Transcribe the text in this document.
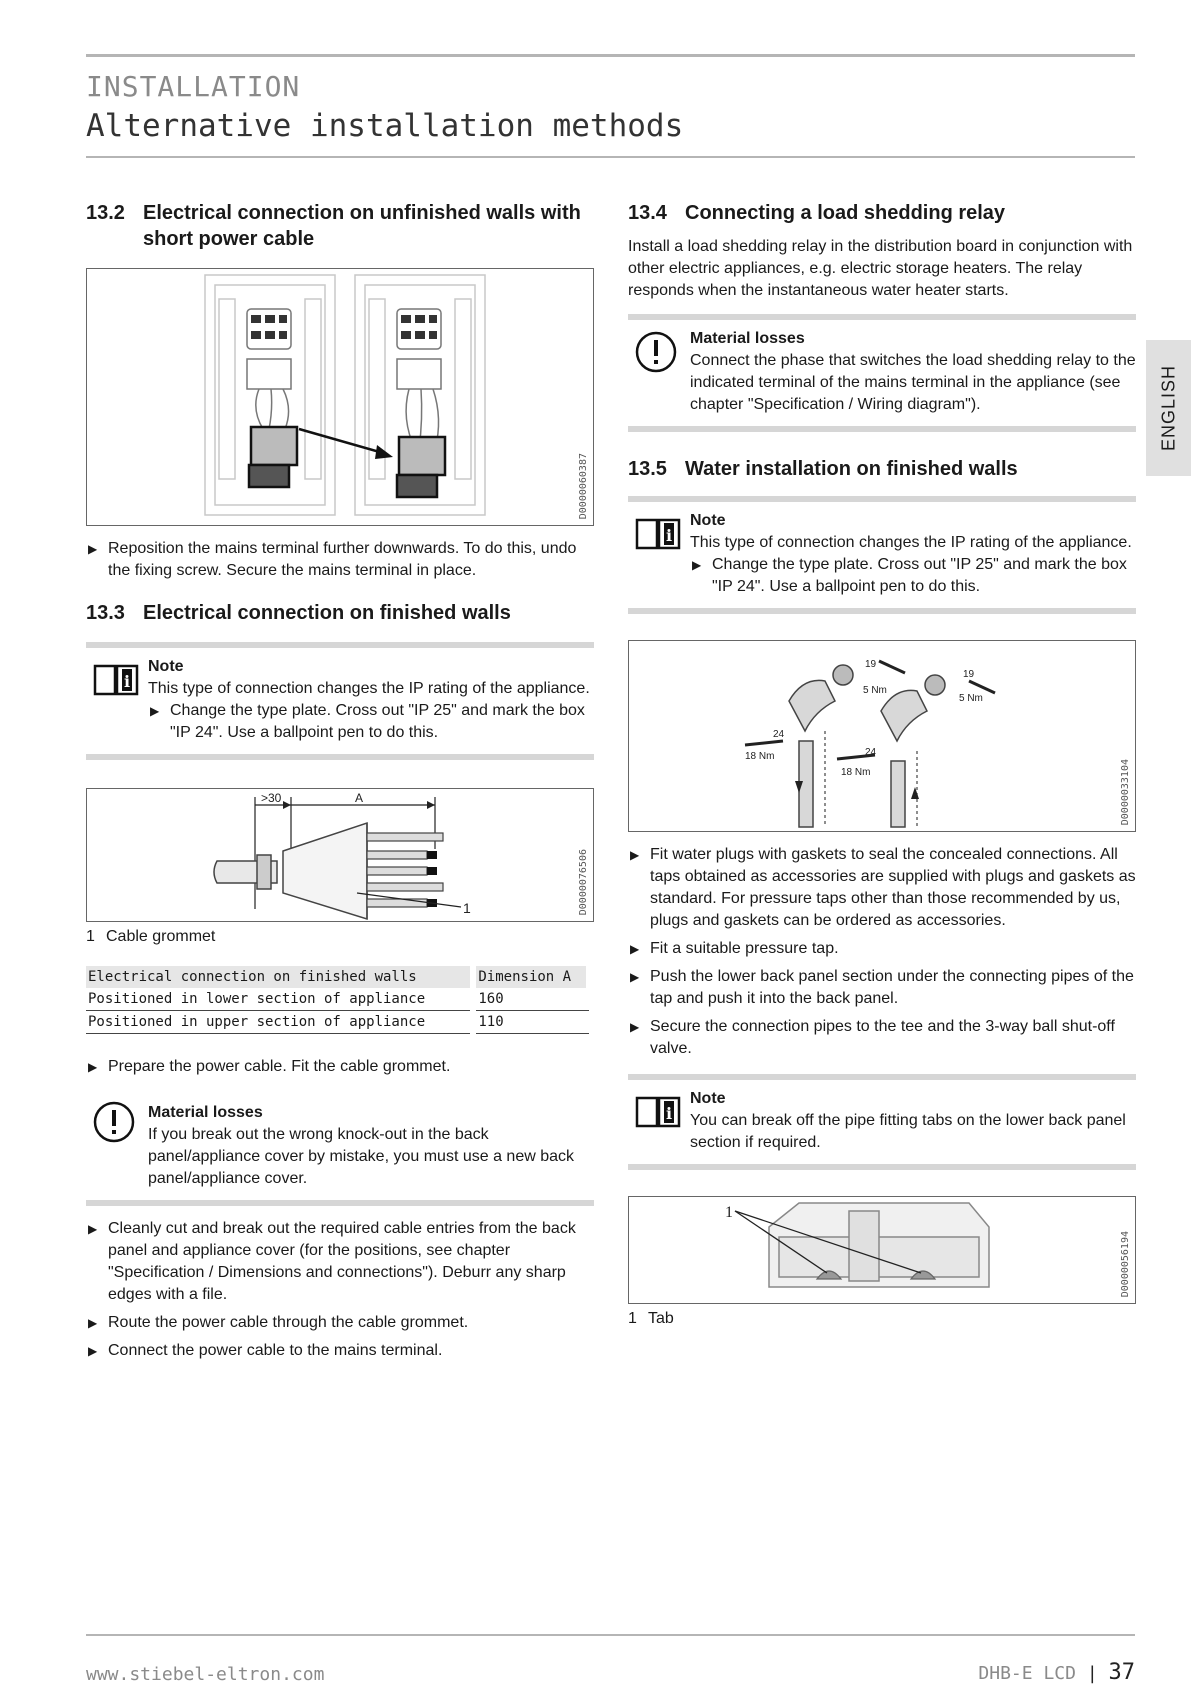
INSTALLATION
Alternative installation methods
ENGLISH
13.2 Electrical connection on unfinished walls with short power cable
D0000060387
▶ Reposition the mains terminal further downwards. To do this, undo the fixing screw. Secure the mains terminal in place.
13.3 Electrical connection on finished walls
i
Note

This type of connection changes the IP rating of the appliance.

▶ Change the type plate. Cross out "IP 25" and mark the box "IP 24". Use a ballpoint pen to do this.
>30	A
1	D0000076506
1 Cable grommet
Electrical connection on finished walls	Dimension A
Positioned in lower section of appliance	160
Positioned in upper section of appliance	110
▶ Prepare the power cable. Fit the cable grommet.
Material losses

If you break out the wrong knock-out in the back panel/appliance cover by mistake, you must use a new back panel/appliance cover.

▶ Cleanly cut and break out the required cable entries from the back panel and appliance cover (for the positions, see chapter "Specification / Dimensions and connections"). Deburr any sharp edges with a file.
▶ Route the power cable through the cable grommet.
▶ Connect the power cable to the mains terminal.
13.4 Connecting a load shedding relay

Install a load shedding relay in the distribution board in conjunction with other electric appliances, e.g. electric storage heaters. The relay responds when the instantaneous water heater starts.

Material losses

Connect the phase that switches the load shedding relay to the indicated terminal of the mains terminal in the appliance (see chapter "Specification / Wiring diagram").

13.5 Water installation on finished walls
i
Note

This type of connection changes the IP rating of the appliance.

▶ Change the type plate. Cross out "IP 25" and mark the box "IP 24". Use a ballpoint pen to do this.
19
5 Nm
19
5 Nm
24
18 Nm	24
18 Nm	D0000033104
▶ Fit water plugs with gaskets to seal the concealed connections. All taps obtained as accessories are supplied with plugs and gaskets as standard. For pressure taps other than those recommended by us, plugs and gaskets can be ordered as accessories.
▶ Fit a suitable pressure tap.
▶ Push the lower back panel section under the connecting pipes of the tap and push it into the back panel.
▶ Secure the connection pipes to the tee and the 3-way ball shut-off valve.
i
Note

You can break off the pipe fitting tabs on the lower back panel section if required.

1
D0000056194
1 Tab
www.stiebel-eltron.com	DHB-E LCD | 37
